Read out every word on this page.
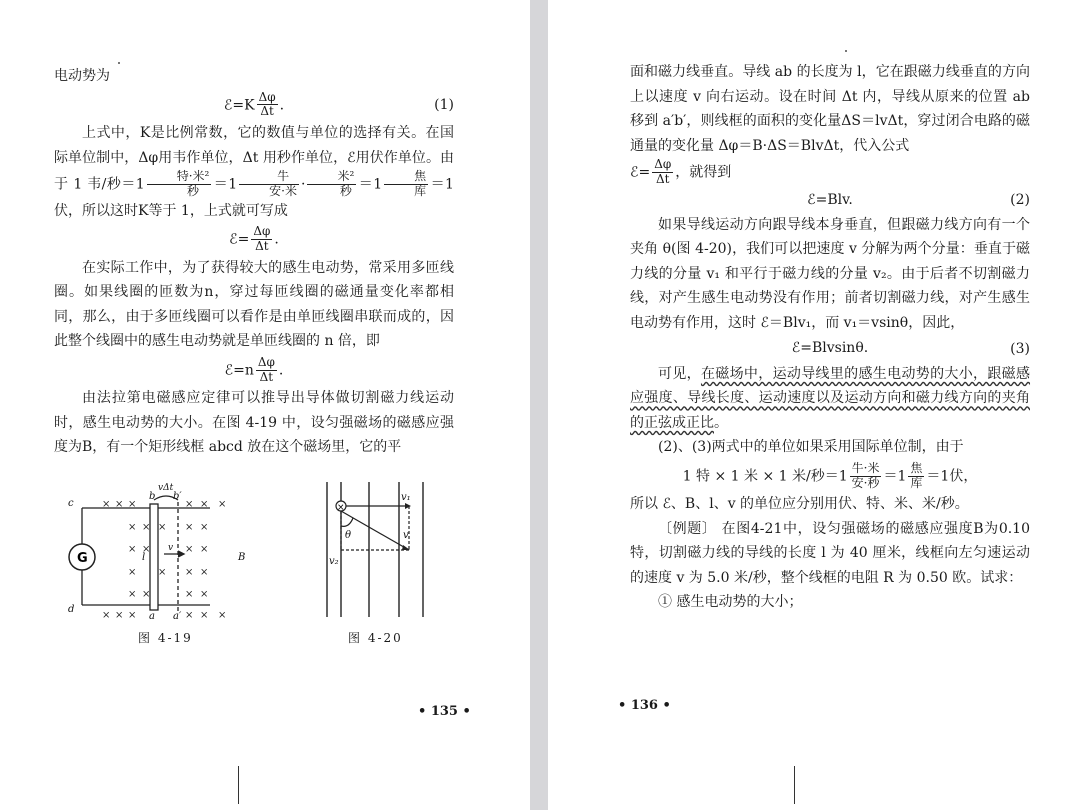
电动势为

ℰ=K $\frac{\Delta\varphi}{\Delta t}$ .	(1)

上式中，K是比例常数，它的数值与单位的选择有关。在国际单位制中，Δφ用韦作单位，Δt 用秒作单位，ℰ用伏作单位。由于 1 韦/秒$=1 \frac{\text{特·米²}}{\text{秒}} =1 \frac{\text{牛}}{\text{安·米}} \cdot \frac{\text{米²}}{\text{秒}} =1 \frac{\text{焦}}{\text{库}} =1$ 伏，所以这时K等于 1，上式就可写成

ℰ= $\frac{\Delta\varphi}{\Delta t}$ .

在实际工作中，为了获得较大的感生电动势，常采用多匝线圈。如果线圈的匝数为n，穿过每匝线圈的磁通量变化率都相同，那么，由于多匝线圈可以看作是由单匝线圈串联而成的，因此整个线圈中的感生电动势就是单匝线圈的 n 倍，即

ℰ=n $\frac{\Delta\varphi}{\Delta t}$ .

由法拉第电磁感应定律可以推导出导体做切割磁力线运动时，感生电动势的大小。在图 4-19 中，设匀强磁场的磁感应强度为B，有一个矩形线框 abcd 放在这个磁场里，它的平

× × ×	× × ×
× × × × ×
× ×	× ×
× × × ×
× ×	× ×
× × ×	× × ×
G
c
d
b b′
vΔt
v
l	B
a a′
图 4-19
×
v₁
v
v₂
θ
图 4-20
• 135 •

面和磁力线垂直。导线 ab 的长度为 l，它在跟磁力线垂直的方向上以速度 v 向右运动。设在时间 Δt 内，导线从原来的位置 ab 移到 a′b′，则线框的面积的变化量ΔS＝lvΔt，穿过闭合电路的磁通量的变化量 Δφ＝B·ΔS＝BlvΔt，代入公式

ℰ= $\frac{\Delta\varphi}{\Delta t}$ ，就得到

ℰ=Blv.	(2)

如果导线运动方向跟导线本身垂直，但跟磁力线方向有一个夹角 θ(图 4-20)，我们可以把速度 v 分解为两个分量：垂直于磁力线的分量 v₁ 和平行于磁力线的分量 v₂。由于后者不切割磁力线，对产生感生电动势没有作用；前者切割磁力线，对产生感生电动势有作用，这时 ℰ＝Blv₁，而 v₁＝vsinθ，因此，

ℰ=Blvsinθ.	(3)

可见，在磁场中，运动导线里的感生电动势的大小，跟磁感应强度、导线长度、运动速度以及运动方向和磁力线方向的夹角的正弦成正比。

(2)、(3)两式中的单位如果采用国际单位制，由于

1 特 × 1 米 × 1 米/秒$=1 \frac{\text{牛·米}}{\text{安·秒}} =1 \frac{\text{焦}}{\text{库}} =1$伏，

所以 ℰ、B、l、v 的单位应分别用伏、特、米、米/秒。

〔例题〕 在图4-21中，设匀强磁场的磁感应强度B为0.10特，切割磁力线的导线的长度 l 为 40 厘米，线框向左匀速运动的速度 v 为 5.0 米/秒，整个线框的电阻 R 为 0.50 欧。试求：

① 感生电动势的大小；

• 136 •
